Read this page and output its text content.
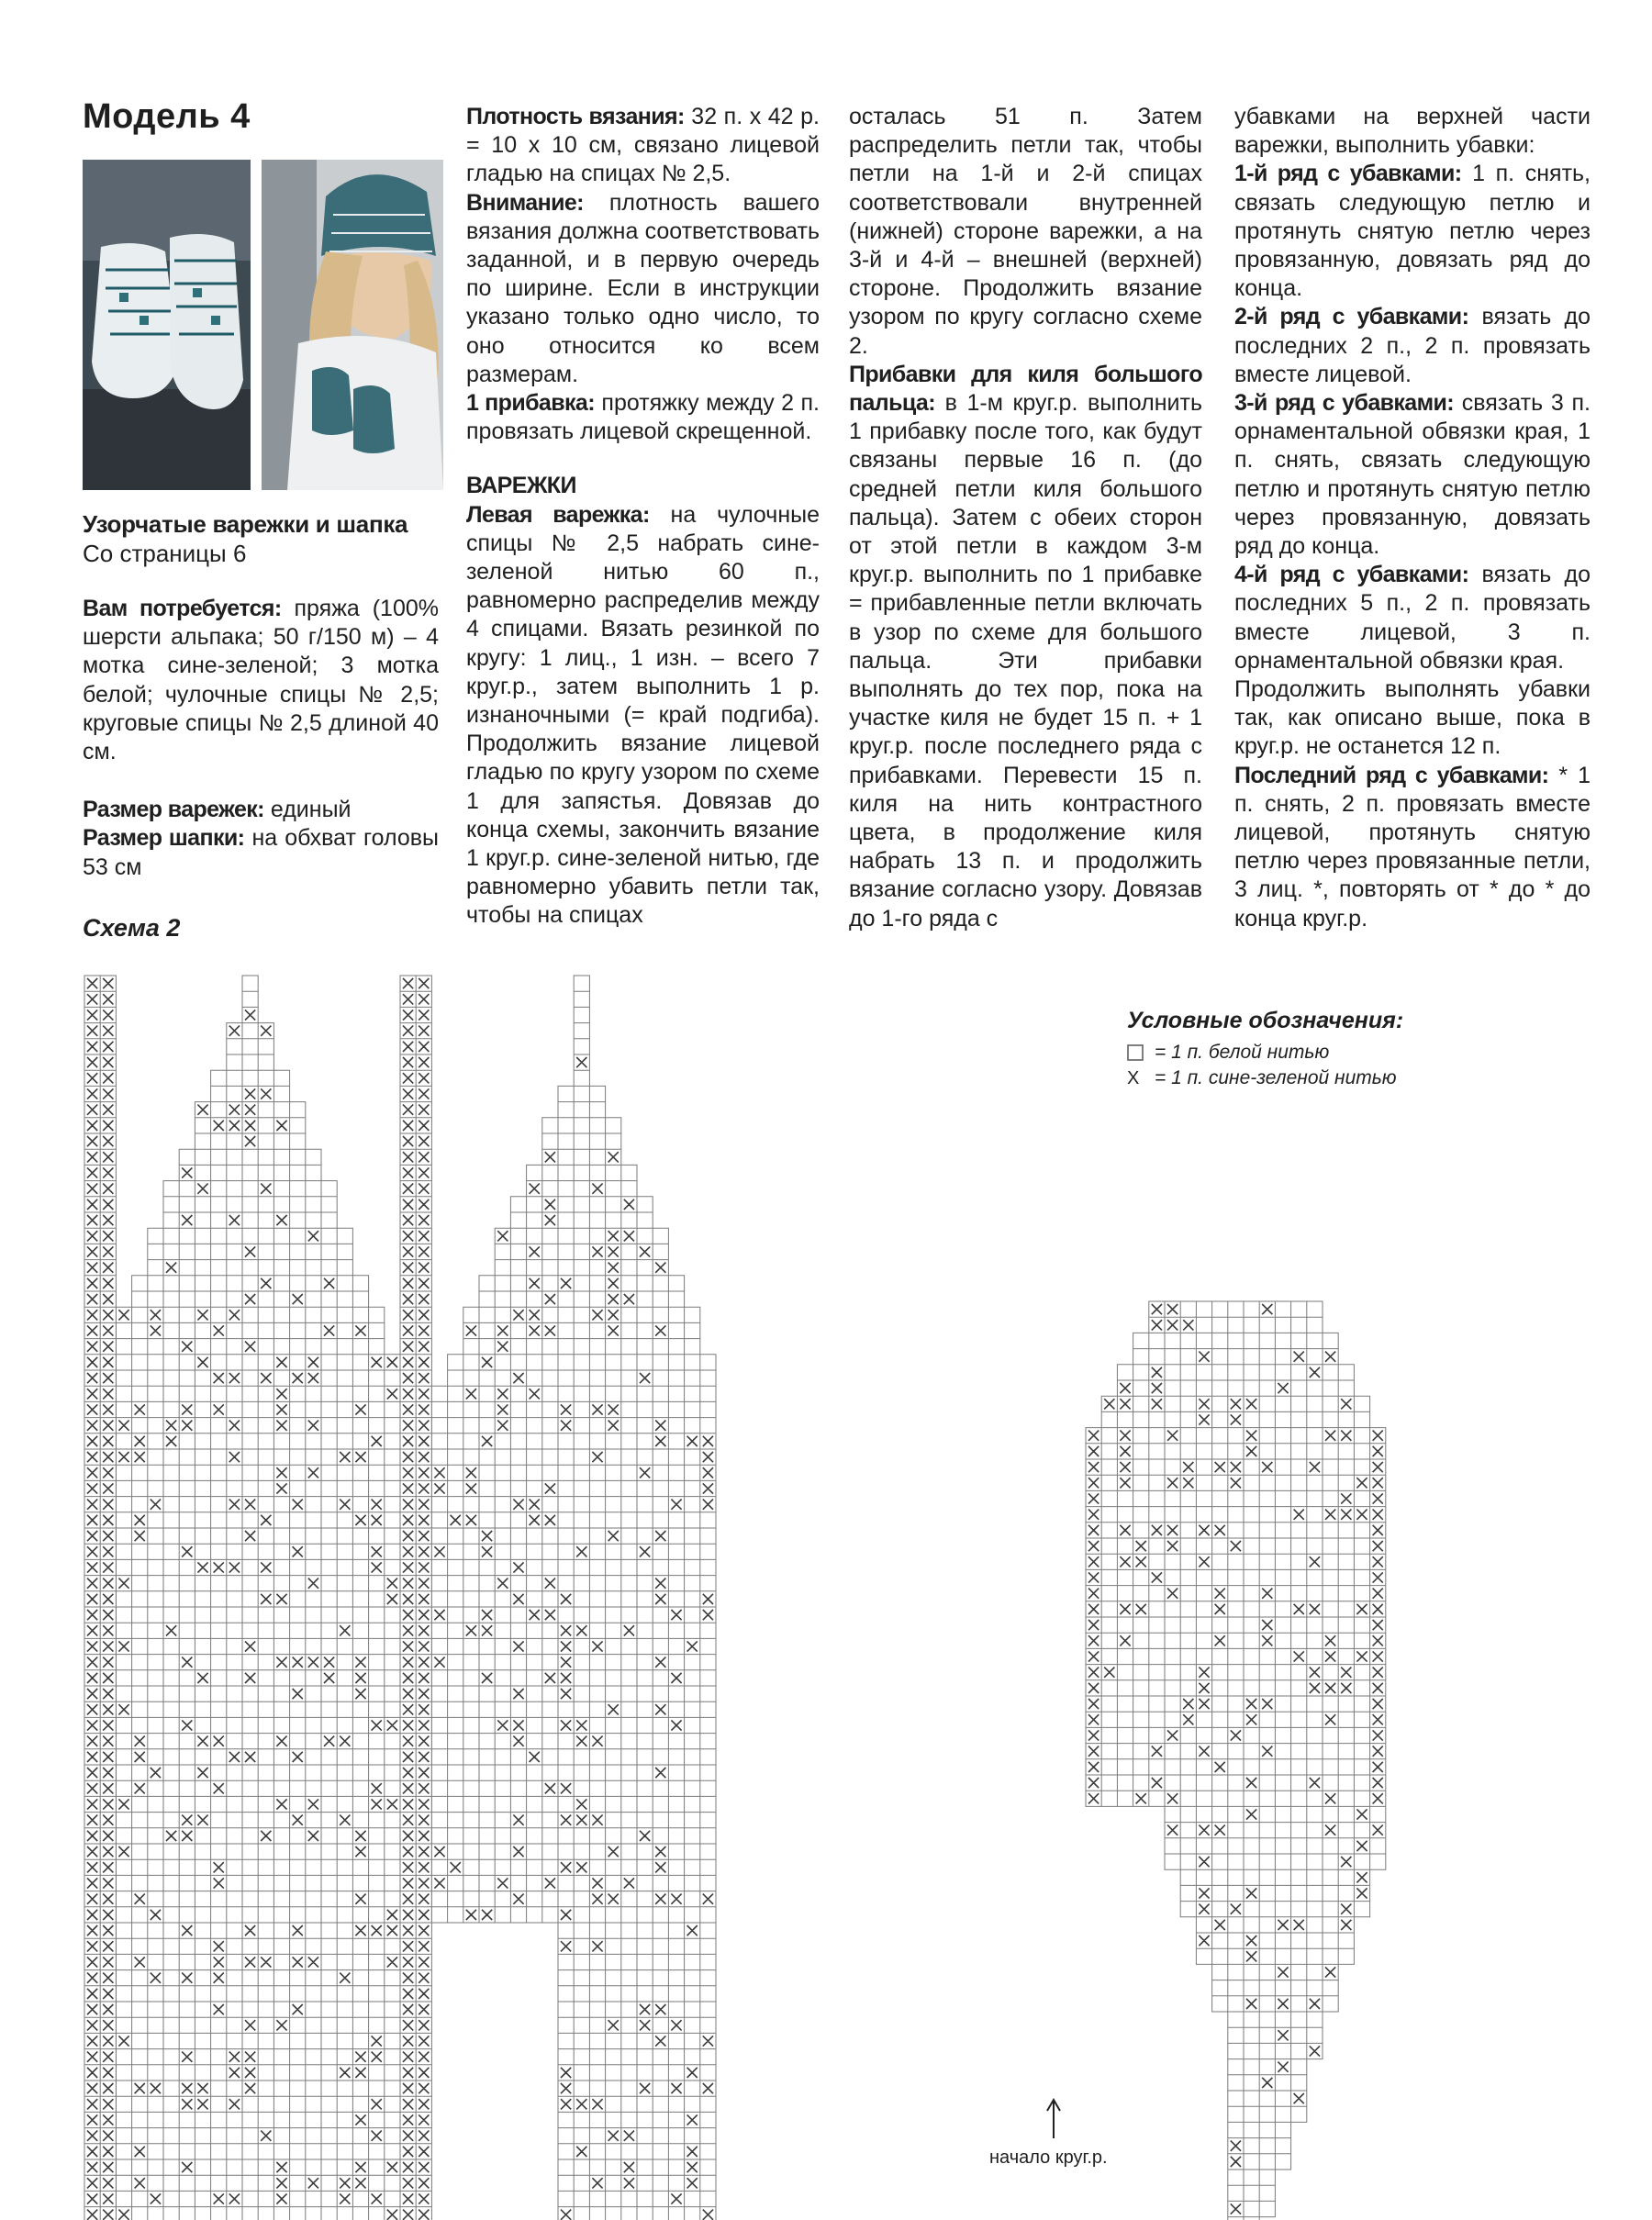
Модель 4
Узорчатые варежки и шапка
Со страницы 6

Вам потребуется: пряжа (100% шерсти альпака; 50 г/150 м) – 4 мотка сине-зеленой; 3 мотка белой; чулочные спицы № 2,5; круговые спицы № 2,5 длиной 40 см.

Размер варежек: единый

Размер шапки: на обхват головы 53 см

Плотность вязания: 32 п. х 42 р. = 10 х 10 см, связано лицевой гладью на спицах № 2,5.

Внимание: плотность вашего вязания должна соответствовать заданной, и в первую очередь по ширине. Если в инструкции указано только одно число, то оно относится ко всем размерам.

1 прибавка: протяжку между 2 п. провязать лицевой скрещенной.

ВАРЕЖКИ

Левая варежка: на чулочные спицы № 2,5 набрать сине-зеленой нитью 60 п., равномерно распределив между 4 спицами. Вязать резинкой по кругу: 1 лиц., 1 изн. – всего 7 круг.р., затем выполнить 1 р. изнаночными (= край подгиба). Продолжить вязание лицевой гладью по кругу узором по схеме 1 для запястья. Довязав до конца схемы, закончить вязание 1 круг.р. сине-зеленой нитью, где равномерно убавить петли так, чтобы на спицах

осталась 51 п. Затем распределить петли так, чтобы петли на 1-й и 2-й спицах соответствовали внутренней (нижней) стороне варежки, а на 3-й и 4-й – внешней (верхней) стороне. Продолжить вязание узором по кругу согласно схеме 2.

Прибавки для киля большого пальца: в 1-м круг.р. выполнить 1 прибавку после того, как будут связаны первые 16 п. (до средней петли киля большого пальца). Затем с обеих сторон от этой петли в каждом 3-м круг.р. выполнить по 1 прибавке = прибавленные петли включать в узор по схеме для большого пальца. Эти прибавки выполнять до тех пор, пока на участке киля не будет 15 п. + 1 круг.р. после последнего ряда с прибавками. Перевести 15 п. киля на нить контрастного цвета, в продолжение киля набрать 13 п. и продолжить вязание согласно узору. Довязав до 1-го ряда с

убавками на верхней части варежки, выполнить убавки:

1-й ряд с убавками: 1 п. снять, связать следующую петлю и протянуть снятую петлю через провязанную, довязать ряд до конца.

2-й ряд с убавками: вязать до последних 2 п., 2 п. провязать вместе лицевой.

3-й ряд с убавками: связать 3 п. орнаментальной обвязки края, 1 п. снять, связать следующую петлю и протянуть снятую петлю через провязанную, довязать ряд до конца.

4-й ряд с убавками: вязать до последних 5 п., 2 п. провязать вместе лицевой, 3 п. орнаментальной обвязки края.

Продолжить выполнять убавки так, как описано выше, пока в круг.р. не останется 12 п.

Последний ряд с убавками: * 1 п. снять, 2 п. провязать вместе лицевой, протянуть снятую петлю через провязанные петли, 3 лиц. *, повторять от * до * до конца круг.р.

Схема 2
Условные обозначения:
= 1 п. белой нитью
X = 1 п. сине-зеленой нитью
начало круг.р.
